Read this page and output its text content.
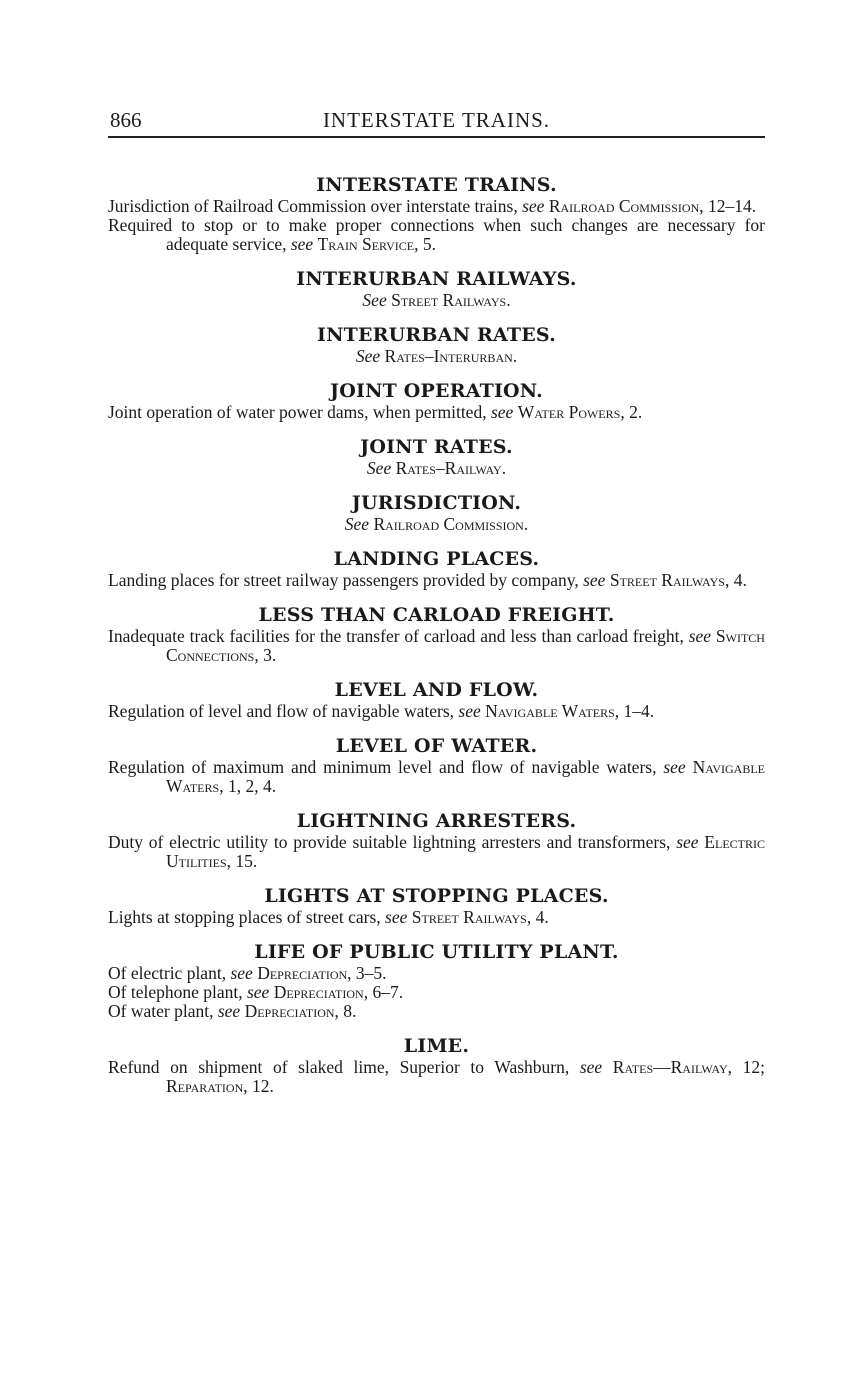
866	INTERSTATE TRAINS.
INTERSTATE TRAINS.

Jurisdiction of Railroad Commission over interstate trains, see Railroad Commission, 12–14.

Required to stop or to make proper connections when such changes are necessary for adequate service, see Train Service, 5.

INTERURBAN RAILWAYS.

See Street Railways.

INTERURBAN RATES.

See Rates–Interurban.

JOINT OPERATION.

Joint operation of water power dams, when permitted, see Water Powers, 2.

JOINT RATES.

See Rates–Railway.

JURISDICTION.

See Railroad Commission.

LANDING PLACES.

Landing places for street railway passengers provided by company, see Street Railways, 4.

LESS THAN CARLOAD FREIGHT.

Inadequate track facilities for the transfer of carload and less than carload freight, see Switch Connections, 3.

LEVEL AND FLOW.

Regulation of level and flow of navigable waters, see Navigable Waters, 1–4.

LEVEL OF WATER.

Regulation of maximum and minimum level and flow of navigable waters, see Navigable Waters, 1, 2, 4.

LIGHTNING ARRESTERS.

Duty of electric utility to provide suitable lightning arresters and transformers, see Electric Utilities, 15.

LIGHTS AT STOPPING PLACES.

Lights at stopping places of street cars, see Street Railways, 4.

LIFE OF PUBLIC UTILITY PLANT.

Of electric plant, see Depreciation, 3–5.

Of telephone plant, see Depreciation, 6–7.

Of water plant, see Depreciation, 8.

LIME.

Refund on shipment of slaked lime, Superior to Washburn, see Rates—Railway, 12; Reparation, 12.
